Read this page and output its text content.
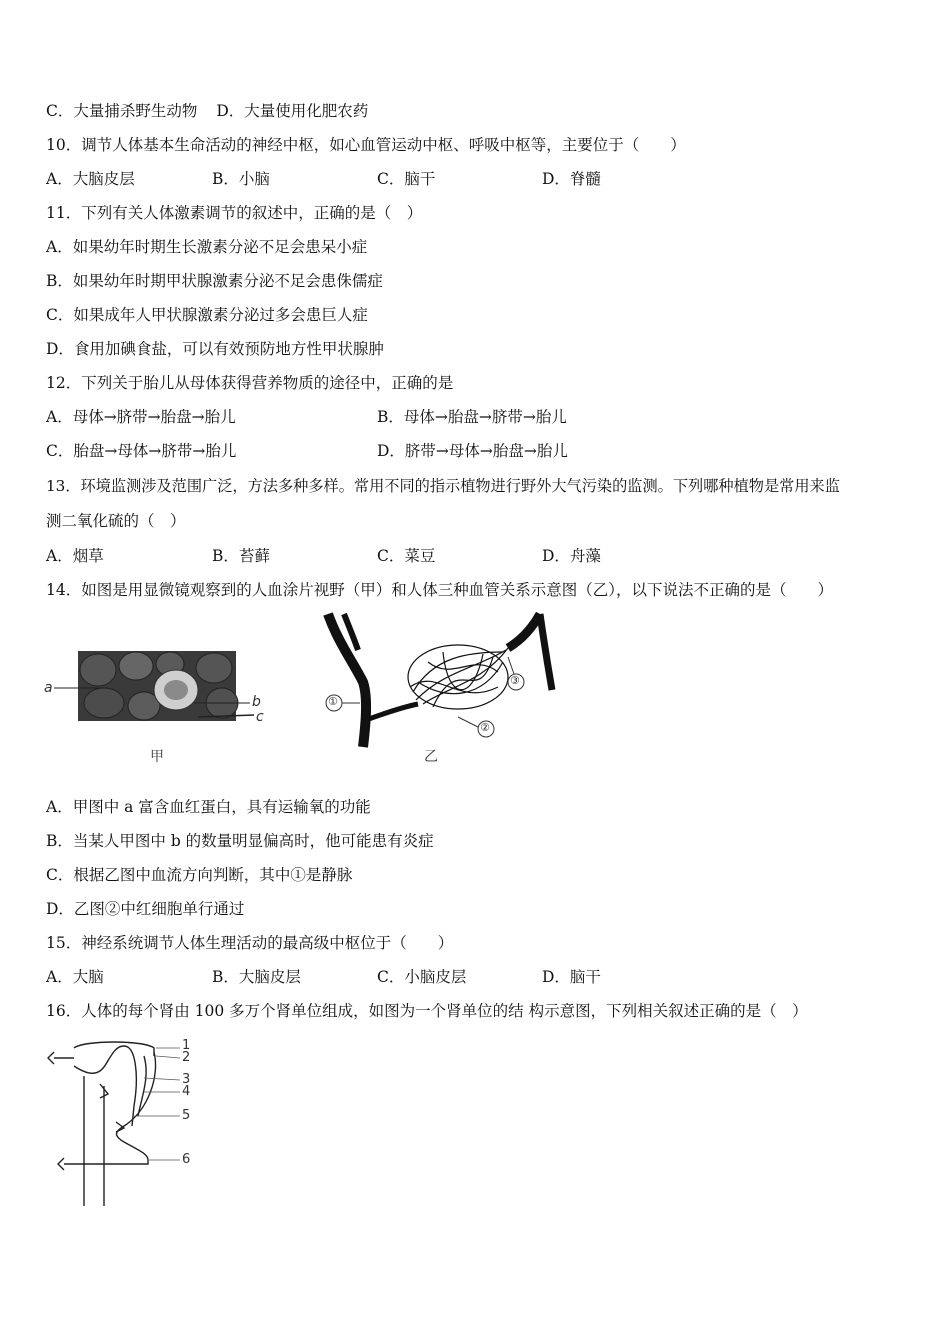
C．大量捕杀野生动物 D．大量使用化肥农药
10．调节人体基本生命活动的神经中枢，如心血管运动中枢、呼吸中枢等，主要位于（　　）
A．大脑皮层	B．小脑	C．脑干	D．脊髓
11．下列有关人体激素调节的叙述中，正确的是（　）
A．如果幼年时期生长激素分泌不足会患呆小症
B．如果幼年时期甲状腺激素分泌不足会患侏儒症
C．如果成年人甲状腺激素分泌过多会患巨人症
D．食用加碘食盐，可以有效预防地方性甲状腺肿
12．下列关于胎儿从母体获得营养物质的途径中，正确的是
A．母体→脐带→胎盘→胎儿	B．母体→胎盘→脐带→胎儿
C．胎盘→母体→脐带→胎儿	D．脐带→母体→胎盘→胎儿
13．环境监测涉及范围广泛，方法多种多样。常用不同的指示植物进行野外大气污染的监测。下列哪种植物是常用来监
测二氧化硫的（　）
A．烟草	B．苔藓	C．菜豆	D．舟藻
14．如图是用显微镜观察到的人血涂片视野（甲）和人体三种血管关系示意图（乙），以下说法不正确的是（　　）
a
b
c
甲
①
②
③
乙
A．甲图中 a 富含血红蛋白，具有运输氧的功能
B．当某人甲图中 b 的数量明显偏高时，他可能患有炎症
C．根据乙图中血流方向判断，其中①是静脉
D．乙图②中红细胞单行通过
15．神经系统调节人体生理活动的最高级中枢位于（　　）
A．大脑	B．大脑皮层	C．小脑皮层	D．脑干
16．人体的每个肾由 100 多万个肾单位组成，如图为一个肾单位的结 构示意图，下列相关叙述正确的是（　）
1
2
3
4
5
6
